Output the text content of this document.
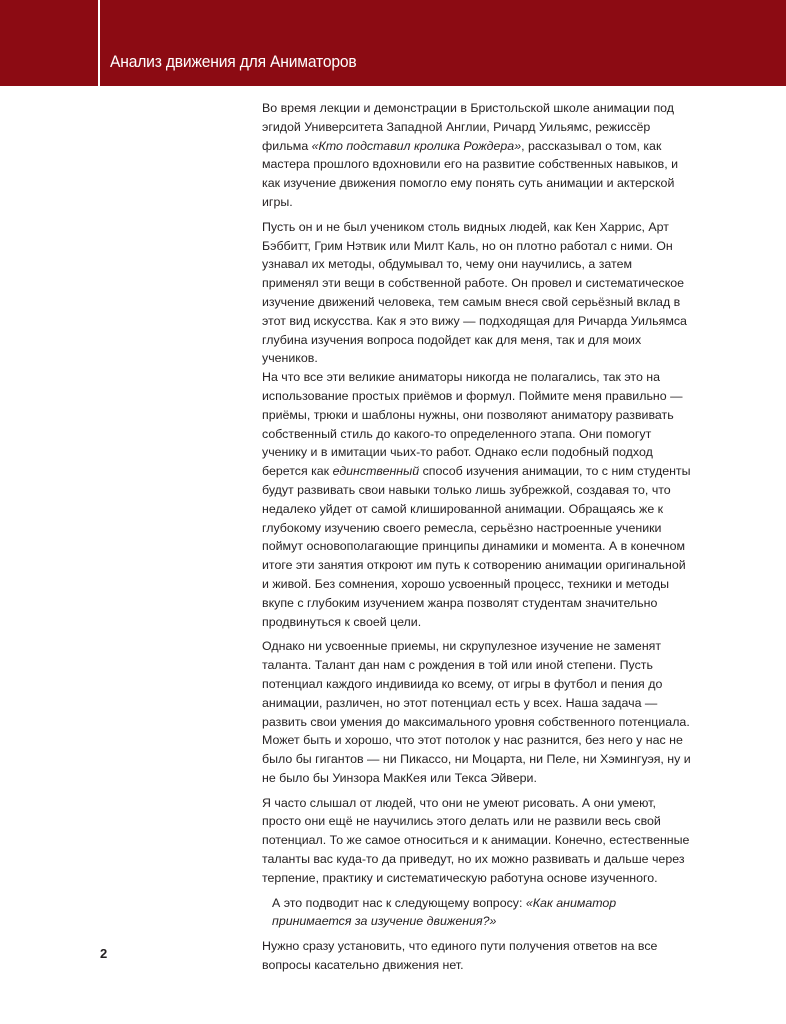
Анализ движения для Аниматоров

Во время лекции и демонстрации в Бристольской школе анимации под эгидой Университета Западной Англии, Ричард Уильямс, режиссёр фильма «Кто подставил кролика Рождера», рассказывал о том, как мастера прошлого вдохновили его на развитие собственных навыков, и как изучение движения помогло ему понять суть анимации и актерской игры.

Пусть он и не был учеником столь видных людей, как Кен Харрис, Арт Бэббитт, Грим Нэтвик или Милт Каль, но он плотно работал с ними. Он узнавал их методы, обдумывал то, чему они научились, а затем применял эти вещи в собственной работе. Он провел и систематическое изучение движений человека, тем самым внеся свой серьёзный вклад в этот вид искусства. Как я это вижу — подходящая для Ричарда Уильямса глубина изучения вопроса подойдет как для меня, так и для моих учеников.

На что все эти великие аниматоры никогда не полагались, так это на использование простых приёмов и формул. Поймите меня правильно — приёмы, трюки и шаблоны нужны, они позволяют аниматору развивать собственный стиль до какого-то определенного этапа. Они помогут ученику и в имитации чьих-то работ. Однако если подобный подход берется как единственный способ изучения анимации, то с ним студенты будут развивать свои навыки только лишь зубрежкой, создавая то, что недалеко уйдет от самой клишированной анимации. Обращаясь же к глубокому изучению своего ремесла, серьёзно настроенные ученики поймут основополагающие принципы динамики и момента. А в конечном итоге эти занятия откроют им путь к сотворению анимации оригинальной и живой. Без сомнения, хорошо усвоенный процесс, техники и методы вкупе с глубоким изучением жанра позволят студентам значительно продвинуться к своей цели.

Однако ни усвоенные приемы, ни скрупулезное изучение не заменят таланта. Талант дан нам с рождения в той или иной степени. Пусть потенциал каждого индивиида ко всему, от игры в футбол и пения до анимации, различен, но этот потенциал есть у всех. Наша задача — развить свои умения до максимального уровня собственного потенциала. Может быть и хорошо, что этот потолок у нас разнится, без него у нас не было бы гигантов — ни Пикассо, ни Моцарта, ни Пеле, ни Хэмингуэя, ну и не было бы Уинзора МакКея или Текса Эйвери.

Я часто слышал от людей, что они не умеют рисовать. А они умеют, просто они ещё не научились этого делать или не развили весь свой потенциал. То же самое относиться и к анимации. Конечно, естественные таланты вас куда-то да приведут, но их можно развивать и дальше через терпение, практику и систематическую работуна основе изученного.

А это подводит нас к следующему вопросу: «Как аниматор принимается за изучение движения?»

Нужно сразу установить, что единого пути получения ответов на все вопросы касательно движения нет.

2
